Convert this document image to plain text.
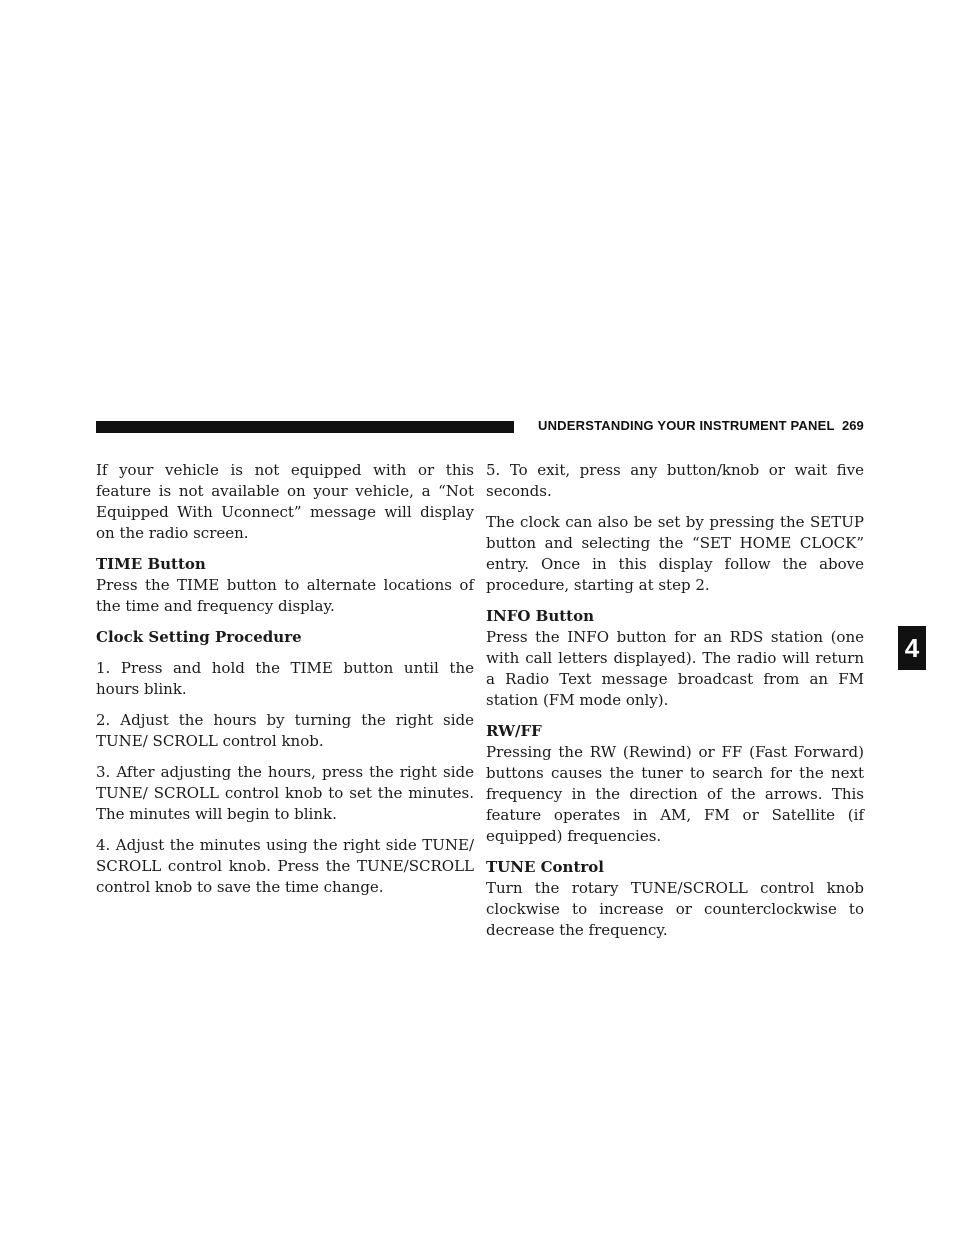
UNDERSTANDING YOUR INSTRUMENT PANEL 269
4

If your vehicle is not equipped with or this feature is not available on your vehicle, a “Not Equipped With Uconnect” message will display on the radio screen.

TIME Button

Press the TIME button to alternate locations of the time and frequency display.

Clock Setting Procedure

1. Press and hold the TIME button until the hours blink.

2. Adjust the hours by turning the right side TUNE/ SCROLL control knob.

3. After adjusting the hours, press the right side TUNE/ SCROLL control knob to set the minutes. The minutes will begin to blink.

4. Adjust the minutes using the right side TUNE/ SCROLL control knob. Press the TUNE/SCROLL control knob to save the time change.

5. To exit, press any button/knob or wait five seconds.

The clock can also be set by pressing the SETUP button and selecting the “SET HOME CLOCK” entry. Once in this display follow the above procedure, starting at step 2.

INFO Button

Press the INFO button for an RDS station (one with call letters displayed). The radio will return a Radio Text message broadcast from an FM station (FM mode only).

RW/FF

Pressing the RW (Rewind) or FF (Fast Forward) buttons causes the tuner to search for the next frequency in the direction of the arrows. This feature operates in AM, FM or Satellite (if equipped) frequencies.

TUNE Control

Turn the rotary TUNE/SCROLL control knob clockwise to increase or counterclockwise to decrease the frequency.
